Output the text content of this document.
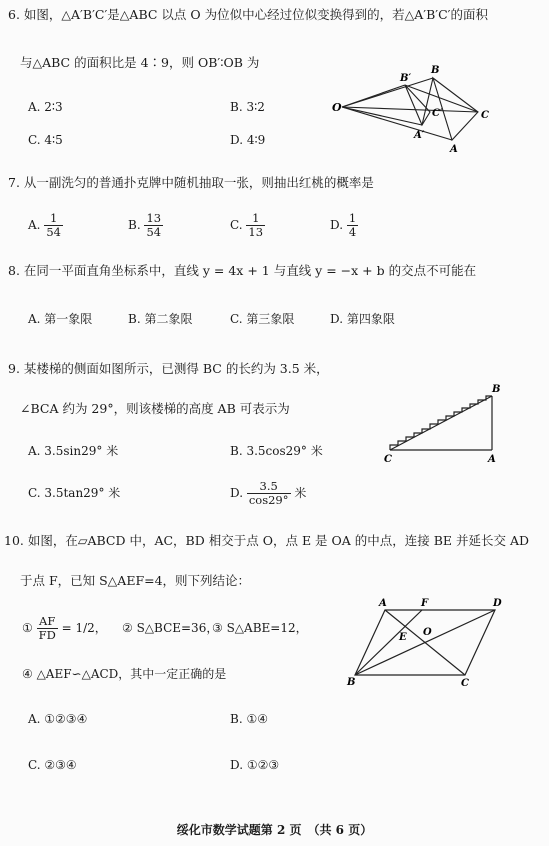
6. 如图，△A′B′C′是△ABC 以点 O 为位似中心经过位似变换得到的，若△A′B′C′的面积
与△ABC 的面积比是 4∶9，则 OB′∶OB 为
A. 2∶3	B. 3∶2
C. 4∶5	D. 4∶9
O
B′
B
C′	C
A′
A
7. 从一副洗匀的普通扑克牌中随机抽取一张，则抽出红桃的概率是
A. $\frac{1}{54}$	B. $\frac{13}{54}$	C. $\frac{1}{13}$	D. $\frac{1}{4}$
8. 在同一平面直角坐标系中，直线 y = 4x + 1 与直线 y = −x + b 的交点不可能在
A. 第一象限	B. 第二象限	C. 第三象限	D. 第四象限
9. 某楼梯的侧面如图所示，已测得 BC 的长约为 3.5 米，
∠BCA 约为 29°，则该楼梯的高度 AB 可表示为
A. 3.5sin29° 米	B. 3.5cos29° 米
C. 3.5tan29° 米	D. $\frac{3.5}{\cos 29^\circ}$ 米
B
C	A
10. 如图，在▱ABCD 中，AC，BD 相交于点 O，点 E 是 OA 的中点，连接 BE 并延长交 AD
于点 F，已知 S△AEF=4，则下列结论：
① $\frac{AF}{FD} = 1/2$， ② S△BCE=36，
③ S△ABE=12，
④ △AEF∽△ACD，其中一定正确的是
A. ①②③④	B. ①④
C. ②③④	D. ①②③
A	F	D
E O
B	C
绥化市数学试题第 2 页　（共 6 页）
